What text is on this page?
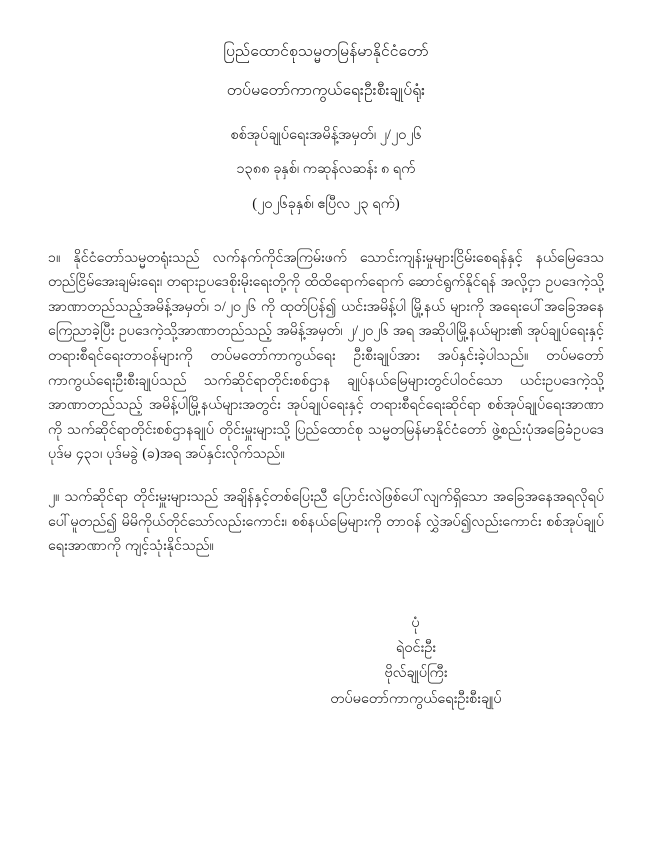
ပြည်ထောင်စုသမ္မတမြန်မာနိုင်ငံတော်
တပ်မတော်ကာကွယ်ရေးဦးစီးချုပ်ရုံး
စစ်အုပ်ချုပ်ရေးအမိန့်အမှတ်၊ ၂/၂၀၂၆
၁၃၈၈ ခုနှစ်၊ ကဆုန်လဆန်း ၈ ရက်
(၂၀၂၆ခုနှစ်၊ ဧပြီလ ၂၃ ရက်)

၁။ နိုင်ငံတော်သမ္မတရုံးသည် လက်နက်ကိုင်အကြမ်းဖက် သောင်းကျန်းမှုများငြိမ်းစေရန်နှင့် နယ်မြေဒေသတည်ငြိမ်အေးချမ်းရေး၊ တရားဥပဒေစိုးမိုးရေးတို့ကို ထိထိရောက်ရောက် ဆောင်ရွက်နိုင်ရန် အလို့ငှာ ဥပဒေကဲ့သို့အာဏာတည်သည့်အမိန့်အမှတ်၊ ၁/၂၀၂၆ ကို ထုတ်ပြန်၍ ယင်းအမိန့်ပါ မြို့နယ် များကို အရေးပေါ်အခြေအနေကြေညာခဲ့ပြီး ဥပဒေကဲ့သို့အာဏာတည်သည့် အမိန့်အမှတ်၊ ၂/၂၀၂၆ အရ အဆိုပါမြို့နယ်များ၏ အုပ်ချုပ်ရေးနှင့် တရားစီရင်ရေးတာဝန်များကို တပ်မတော်ကာကွယ်ရေး ဦးစီးချုပ်အား အပ်နှင်းခဲ့ပါသည်။ တပ်မတော်ကာကွယ်ရေးဦးစီးချုပ်သည် သက်ဆိုင်ရာတိုင်းစစ်ဌာန ချုပ်နယ်မြေများတွင်ပါဝင်သော ယင်းဥပဒေကဲ့သို့ အာဏာတည်သည့် အမိန့်ပါမြို့နယ်များအတွင်း အုပ်ချုပ်ရေးနှင့် တရားစီရင်ရေးဆိုင်ရာ စစ်အုပ်ချုပ်ရေးအာဏာကို သက်ဆိုင်ရာတိုင်းစစ်ဌာနချုပ် တိုင်းမှူးများသို့ ပြည်ထောင်စု သမ္မတမြန်မာနိုင်ငံတော် ဖွဲ့စည်းပုံအခြေခံဥပဒေပုဒ်မ ၄၃၁၊ ပုဒ်မခွဲ (ခ)အရ အပ်နှင်းလိုက်သည်။

၂။ သက်ဆိုင်ရာ တိုင်းမှူးများသည် အချိန်နှင့်တစ်ပြေးညီ ပြောင်းလဲဖြစ်ပေါ်လျက်ရှိသော အခြေအနေအရလိုရပ်ပေါ်မူတည်၍ မိမိကိုယ်တိုင်သော်လည်းကောင်း၊ စစ်နယ်မြေများကို တာဝန် လွှဲအပ်၍လည်းကောင်း စစ်အုပ်ချုပ်ရေးအာဏာကို ကျင့်သုံးနိုင်သည်။

ပုံ
ရဲဝင်းဦး
ဗိုလ်ချုပ်ကြီး
တပ်မတော်ကာကွယ်ရေးဦးစီးချုပ်
